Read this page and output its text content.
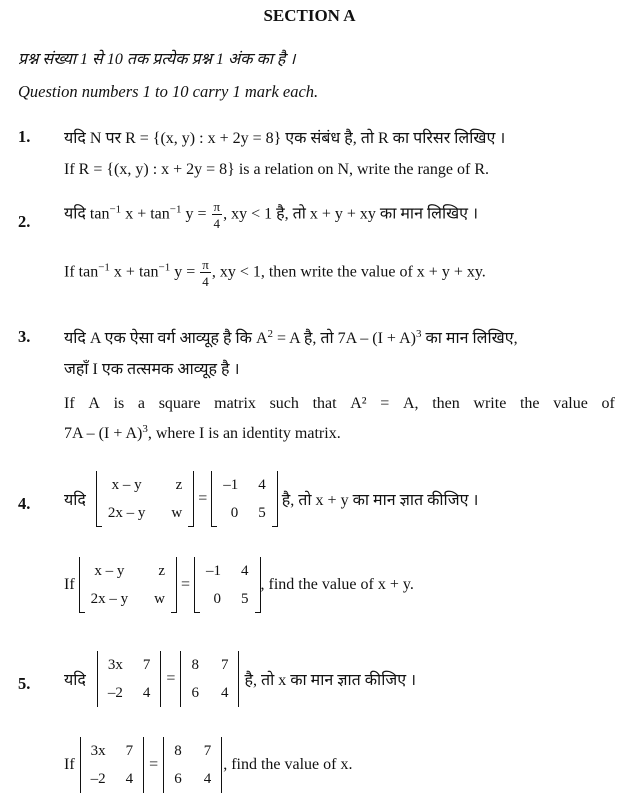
SECTION A
प्रश्न संख्या 1 से 10 तक प्रत्येक प्रश्न 1 अंक का है ।
Question numbers 1 to 10 carry 1 mark each.
1. यदि N पर R = {(x, y) : x + 2y = 8} एक संबंध है, तो R का परिसर लिखिए ।
If R = {(x, y) : x + 2y = 8} is a relation on N, write the range of R.
2. यदि $\tan^{-1} x + \tan^{-1} y = \frac{\pi}{4}$ , xy < 1 है, तो x + y + xy का मान लिखिए ।
If $\tan^{-1} x + \tan^{-1} y = \frac{\pi}{4}$ , xy < 1, then write the value of x + y + xy.
3. यदि A एक ऐसा वर्ग आव्यूह है कि $A^2 = A$ है, तो $7A - (I + A)^3$ का मान लिखिए,
जहाँ I एक तत्समक आव्यूह है ।
If A is a square matrix such that A² = A, then write the value of
$7A - (I + A)^3$, where I is an identity matrix.
4. यदि
x – y	z
2x – y	w
=
–1	4
0	5
है, तो x + y का मान ज्ञात कीजिए ।
If
x – y	z
2x – y	w
=
–1	4
0	5
, find the value of x + y.
5. यदि
3x	7
–2	4
=
8	7
6	4
है, तो x का मान ज्ञात कीजिए ।
If
3x	7
–2	4
=
8	7
6	4
, find the value of x.
